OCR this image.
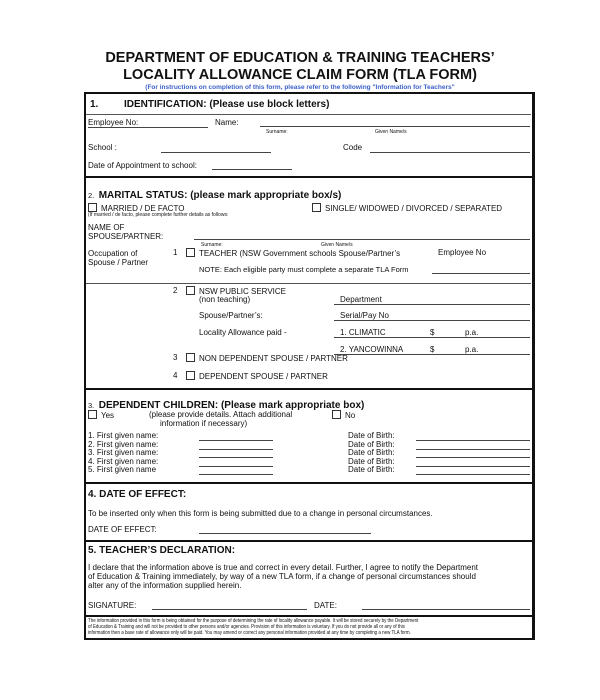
DEPARTMENT OF EDUCATION & TRAINING TEACHERS’
LOCALITY ALLOWANCE CLAIM FORM (TLA FORM)
(For instructions on completion of this form, please refer to the following "Information for Teachers"
1.	IDENTIFICATION: (Please use block letters)
Employee No:	Name:
Surname:	Given Name/s
School :	Code
Date of Appointment to school:
2. MARITAL STATUS: (please mark appropriate box/s)
MARRIED / DE FACTO
(If married / de facto, please complete further details as follows:
SINGLE/ WIDOWED / DIVORCED / SEPARATED
NAME OF
SPOUSE/PARTNER:
Surname:	Given Name/s
Occupation of
Spouse / Partner
1	TEACHER (NSW Government schools Spouse/Partner’s	Employee No
NOTE: Each eligible party must complete a separate TLA Form
2	NSW PUBLIC SERVICE
(non teaching)	Department
Spouse/Partner’s:	Serial/Pay No
Locality Allowance paid -	1. CLIMATIC	$	p.a.
2. YANCOWINNA	$	p.a.
3	NON DEPENDENT SPOUSE / PARTNER
4	DEPENDENT SPOUSE / PARTNER
3. DEPENDENT CHILDREN: (Please mark appropriate box)
Yes	(please provide details. Attach additional
information if necessary)
No
1. First given name:	Date of Birth:
2. First given name:	Date of Birth:
3. First given name:	Date of Birth:
4. First given name:	Date of Birth:
5. First given name	Date of Birth:
4. DATE OF EFFECT:
To be inserted only when this form is being submitted due to a change in personal circumstances.
DATE OF EFFECT:
5. TEACHER’S DECLARATION:
I declare that the information above is true and correct in every detail. Further, I agree to notify the Department
of Education & Training immediately, by way of a new TLA form, if a change of personal circumstances should
alter any of the information supplied herein.
SIGNATURE:	DATE:
The information provided in this form is being obtained for the purpose of determining the rate of locality allowance payable. It will be stored securely by the Department
of Education & Training and will not be provided to other persons and/or agencies. Provision of this information is voluntary. If you do not provide all or any of this
information then a base rate of allowance only will be paid. You may amend or correct any personal information provided at any time by completing a new TLA form.
